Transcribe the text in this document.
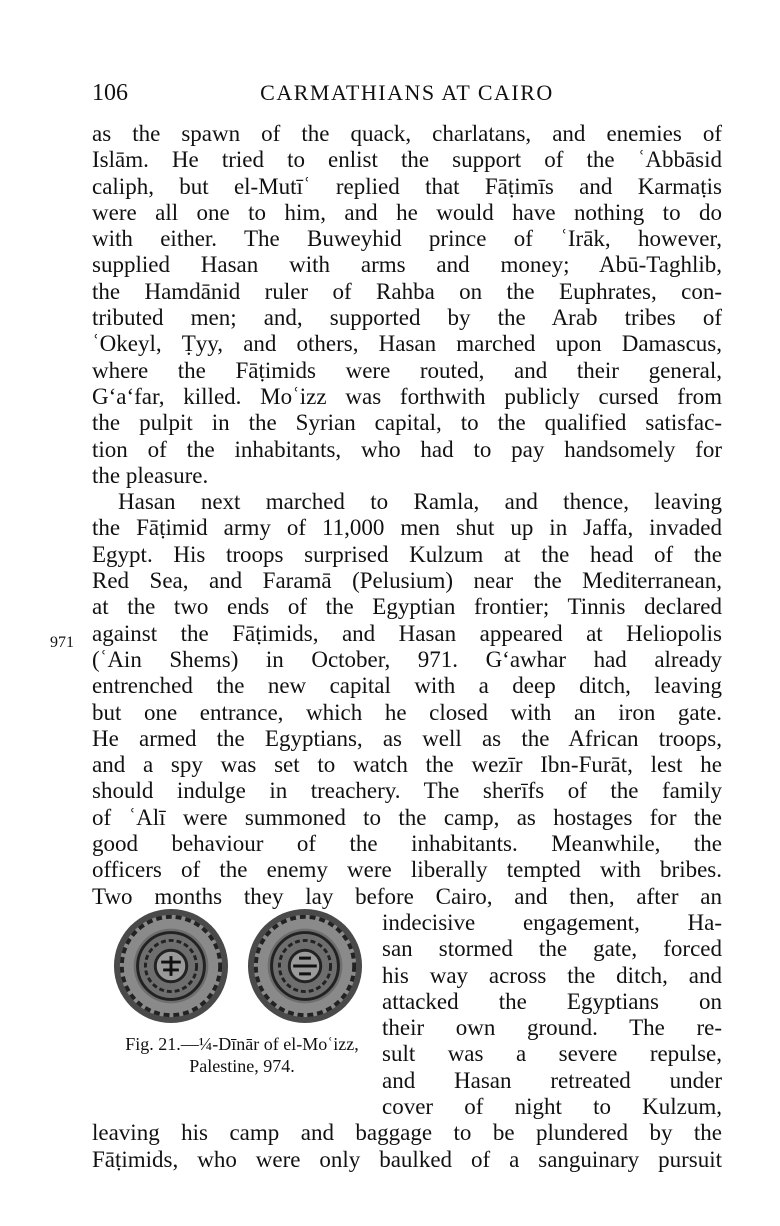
106	CARMATHIANS AT CAIRO
971
as the spawn of the quack, charlatans, and enemies of
Islām. He tried to enlist the support of the ʿAbbāsid
caliph, but el-Mutīʿ replied that Fāṭimīs and Karmaṭis
were all one to him, and he would have nothing to do
with either. The Buweyhid prince of ʿIrāk, however,
supplied Hasan with arms and money; Abū-Taghlib,
the Hamdānid ruler of Rahba on the Euphrates, con-
tributed men; and, supported by the Arab tribes of
ʿOkeyl, Ṭyy, and others, Hasan marched upon Damascus,
where the Fāṭimids were routed, and their general,
Gʻaʻfar, killed. Moʿizz was forthwith publicly cursed from
the pulpit in the Syrian capital, to the qualified satisfac-
tion of the inhabitants, who had to pay handsomely for
the pleasure.
Hasan next marched to Ramla, and thence, leaving
the Fāṭimid army of 11,000 men shut up in Jaffa, invaded
Egypt. His troops surprised Kulzum at the head of the
Red Sea, and Faramā (Pelusium) near the Mediterranean,
at the two ends of the Egyptian frontier; Tinnis declared
against the Fāṭimids, and Hasan appeared at Heliopolis
(ʿAin Shems) in October, 971. Gʻawhar had already
entrenched the new capital with a deep ditch, leaving
but one entrance, which he closed with an iron gate.
He armed the Egyptians, as well as the African troops,
and a spy was set to watch the wezīr Ibn-Furāt, lest he
should indulge in treachery. The sherīfs of the family
of ʿAlī were summoned to the camp, as hostages for the
good behaviour of the inhabitants. Meanwhile, the
officers of the enemy were liberally tempted with bribes.
Two months they lay before Cairo, and then, after an
indecisive engagement, Ha-
san stormed the gate, forced
his way across the ditch, and
attacked the Egyptians on
their own ground. The re-
sult was a severe repulse,
and Hasan retreated under
cover of night to Kulzum,
leaving his camp and baggage to be plundered by the
Fāṭimids, who were only baulked of a sanguinary pursuit
Fig. 21.—¼-Dīnār of el-Moʿizz,
Palestine, 974.
